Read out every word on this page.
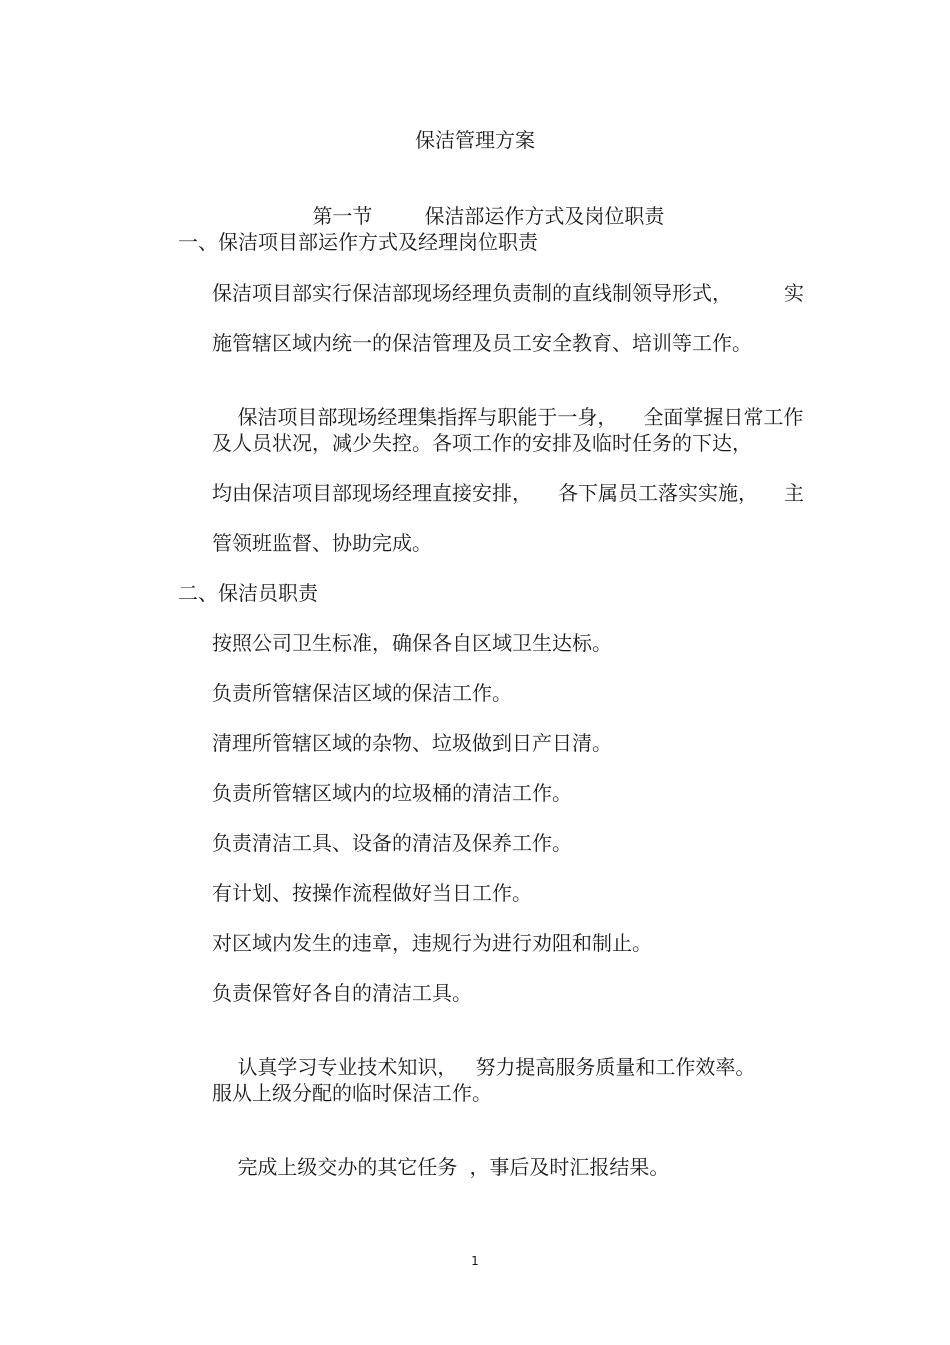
保洁管理方案

第一节	保洁部运作方式及岗位职责

一、保洁项目部运作方式及经理岗位职责
保洁项目部实行保洁部现场经理负责制的直线制领导形式，	实
施管辖区域内统一的保洁管理及员工安全教育、培训等工作。

保洁项目部现场经理集指挥与职能于一身， 全面掌握日常工作

及人员状况，减少失控。各项工作的安排及临时任务的下达，
均由保洁项目部现场经理直接安排， 各下属员工落实实施， 主
管领班监督、协助完成。
二、保洁员职责
按照公司卫生标准，确保各自区域卫生达标。
负责所管辖保洁区域的保洁工作。
清理所管辖区域的杂物、垃圾做到日产日清。
负责所管辖区域内的垃圾桶的清洁工作。
负责清洁工具、设备的清洁及保养工作。
有计划、按操作流程做好当日工作。
对区域内发生的违章，违规行为进行劝阻和制止。
负责保管好各自的清洁工具。

认真学习专业技术知识， 努力提高服务质量和工作效率。

服从上级分配的临时保洁工作。

完成上级交办的其它任务 ，事后及时汇报结果。

1
